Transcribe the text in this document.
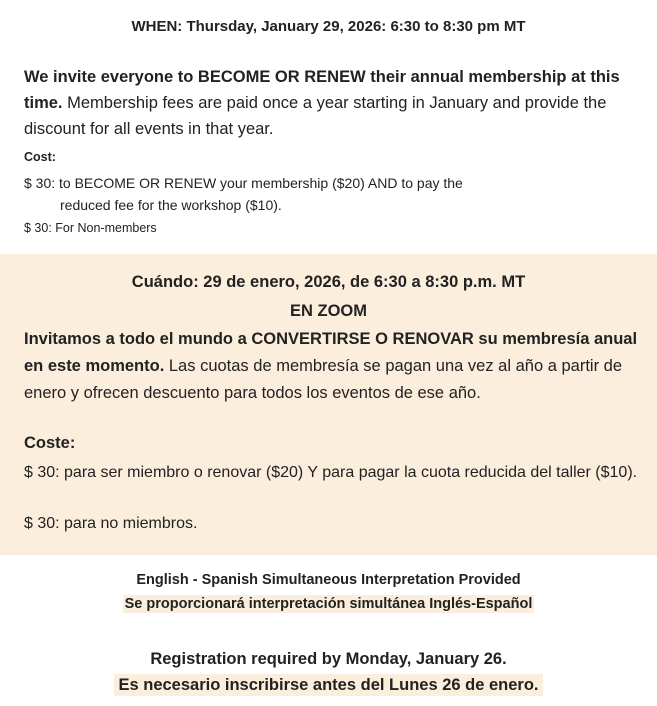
WHEN: Thursday, January 29, 2026: 6:30 to 8:30 pm MT
We invite everyone to BECOME OR RENEW their annual membership at this time. Membership fees are paid once a year starting in January and provide the discount for all events in that year.
Cost:
$ 30: to BECOME OR RENEW your membership ($20) AND to pay the
reduced fee for the workshop ($10).
$ 30: For Non-members
Cuándo: 29 de enero, 2026, de 6:30 a 8:30 p.m. MT
EN ZOOM
Invitamos a todo el mundo a CONVERTIRSE O RENOVAR su membresía anual en este momento. Las cuotas de membresía se pagan una vez al año a partir de enero y ofrecen descuento para todos los eventos de ese año.
Coste:
$ 30: para ser miembro o renovar ($20) Y para pagar la cuota reducida del taller ($10).
$ 30: para no miembros.
English - Spanish Simultaneous Interpretation Provided
Se proporcionará interpretación simultánea Inglés-Español
Registration required by Monday, January 26.
Es necesario inscribirse antes del Lunes 26 de enero.
